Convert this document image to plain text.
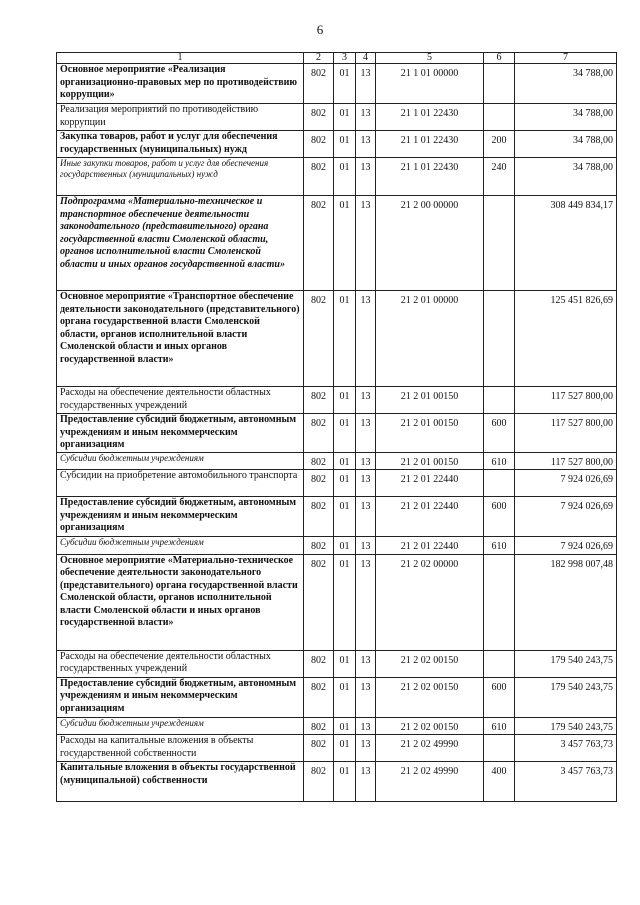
6
1	2	3	4	5	6	7
Основное мероприятие «Реализация организационно-правовых мер по противодействию коррупции»	802	01	13	21 1 01 00000		34 788,00
Реализация мероприятий по противодействию коррупции	802	01	13	21 1 01 22430		34 788,00
Закупка товаров, работ и услуг для обеспечения государственных (муниципальных) нужд	802	01	13	21 1 01 22430	200	34 788,00
Иные закупки товаров, работ и услуг для обеспечения государственных (муниципальных) нужд	802	01	13	21 1 01 22430	240	34 788,00
Подпрограмма «Материально-техническое и транспортное обеспечение деятельности законодательного (представительного) органа государственной власти Смоленской области, органов исполнительной власти Смоленской области и иных органов государственной власти»	802	01	13	21 2 00 00000		308 449 834,17
Основное мероприятие «Транспортное обеспечение деятельности законодательного (представительного) органа государственной власти Смоленской области, органов исполнительной власти Смоленской области и иных органов государственной власти»	802	01	13	21 2 01 00000		125 451 826,69
Расходы на обеспечение деятельности областных государственных учреждений	802	01	13	21 2 01 00150		117 527 800,00
Предоставление субсидий бюджетным, автономным учреждениям и иным некоммерческим организациям	802	01	13	21 2 01 00150	600	117 527 800,00
Субсидии бюджетным учреждениям	802	01	13	21 2 01 00150	610	117 527 800,00
Субсидии на приобретение автомобильного транспорта	802	01	13	21 2 01 22440		7 924 026,69
Предоставление субсидий бюджетным, автономным учреждениям и иным некоммерческим организациям	802	01	13	21 2 01 22440	600	7 924 026,69
Субсидии бюджетным учреждениям	802	01	13	21 2 01 22440	610	7 924 026,69
Основное мероприятие «Материально-техническое обеспечение деятельности законодательного (представительного) органа государственной власти Смоленской области, органов исполнительной власти Смоленской области и иных органов государственной власти»	802	01	13	21 2 02 00000		182 998 007,48
Расходы на обеспечение деятельности областных государственных учреждений	802	01	13	21 2 02 00150		179 540 243,75
Предоставление субсидий бюджетным, автономным учреждениям и иным некоммерческим организациям	802	01	13	21 2 02 00150	600	179 540 243,75
Субсидии бюджетным учреждениям	802	01	13	21 2 02 00150	610	179 540 243,75
Расходы на капитальные вложения в объекты государственной собственности	802	01	13	21 2 02 49990		3 457 763,73
Капитальные вложения в объекты государственной (муниципальной) собственности	802	01	13	21 2 02 49990	400	3 457 763,73
